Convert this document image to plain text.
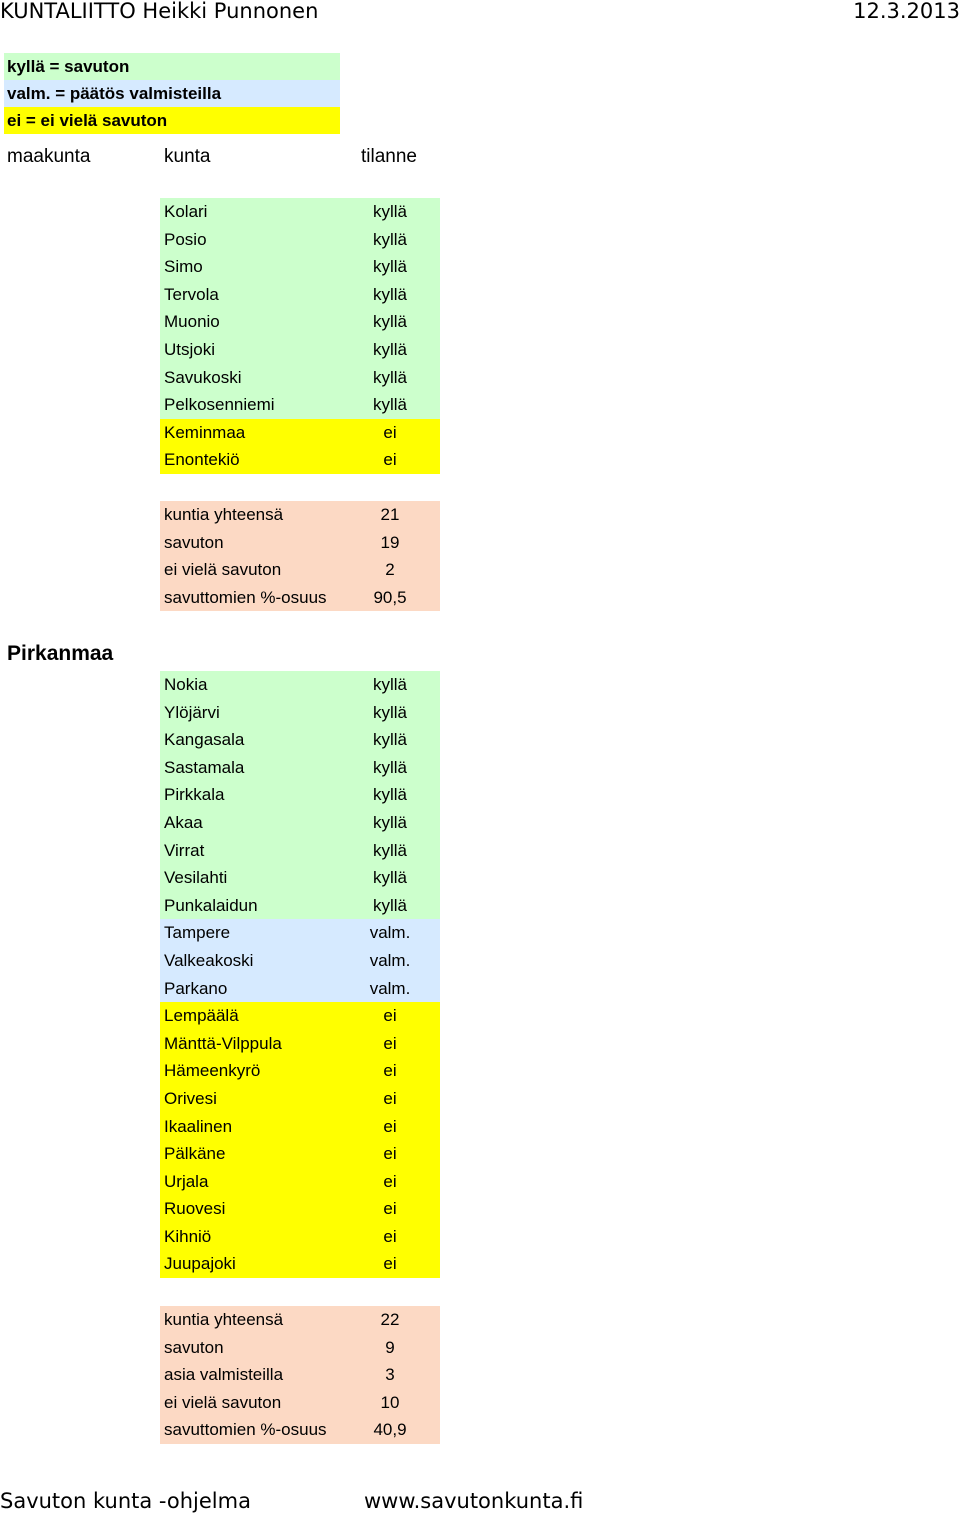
KUNTALIITTO Heikki Punnonen	12.3.2013
kyllä = savuton
valm. = päätös valmisteilla
ei = ei vielä savuton
maakunta	kunta	tilanne
Kolari	kyllä
Posio	kyllä
Simo	kyllä
Tervola	kyllä
Muonio	kyllä
Utsjoki	kyllä
Savukoski	kyllä
Pelkosenniemi	kyllä
Keminmaa	ei
Enontekiö	ei
kuntia yhteensä	21
savuton	19
ei vielä savuton	2
savuttomien %-osuus	90,5
Pirkanmaa
Nokia	kyllä
Ylöjärvi	kyllä
Kangasala	kyllä
Sastamala	kyllä
Pirkkala	kyllä
Akaa	kyllä
Virrat	kyllä
Vesilahti	kyllä
Punkalaidun	kyllä
Tampere	valm.
Valkeakoski	valm.
Parkano	valm.
Lempäälä	ei
Mänttä-Vilppula	ei
Hämeenkyrö	ei
Orivesi	ei
Ikaalinen	ei
Pälkäne	ei
Urjala	ei
Ruovesi	ei
Kihniö	ei
Juupajoki	ei
kuntia yhteensä	22
savuton	9
asia valmisteilla	3
ei vielä savuton	10
savuttomien %-osuus	40,9
Savuton kunta -ohjelma	www.savutonkunta.fi
